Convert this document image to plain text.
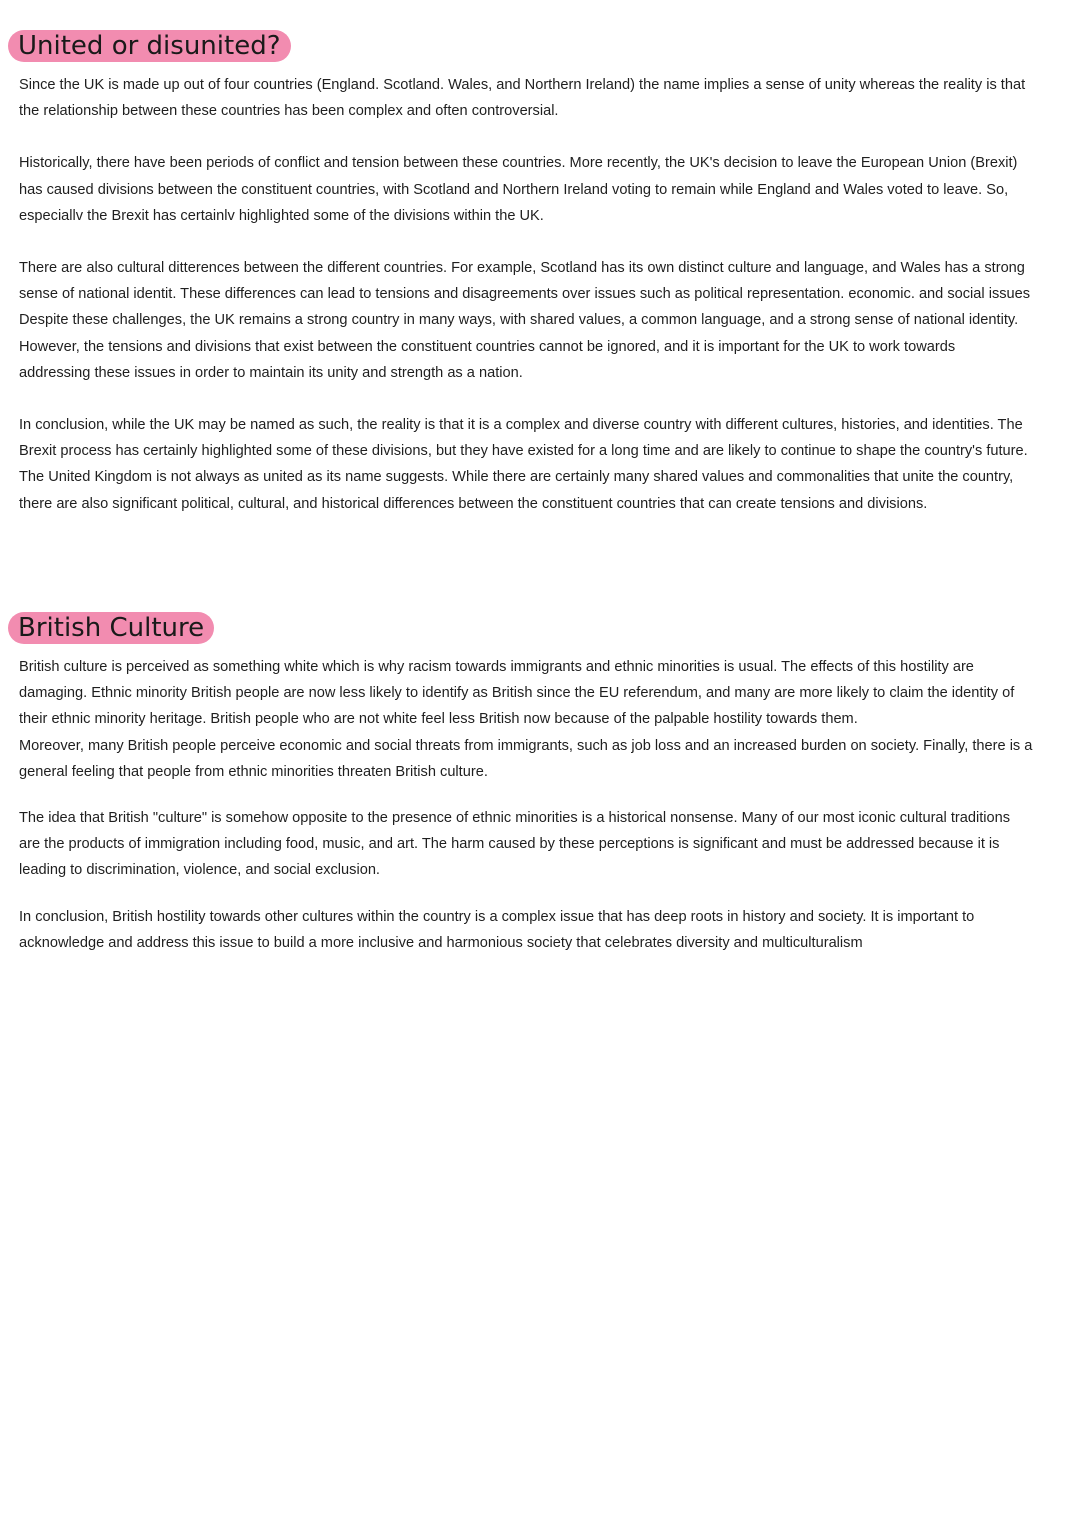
United or disunited?

Since the UK is made up out of four countries (England. Scotland. Wales, and Northern Ireland) the name implies a sense of unity whereas the reality is that
the relationship between these countries has been complex and often controversial.

Historically, there have been periods of conflict and tension between these countries. More recently, the UK's decision to leave the European Union (Brexit)
has caused divisions between the constituent countries, with Scotland and Northern Ireland voting to remain while England and Wales voted to leave. So,
especiallv the Brexit has certainlv highlighted some of the divisions within the UK.

There are also cultural ditterences between the different countries. For example, Scotland has its own distinct culture and language, and Wales has a strong
sense of national identit. These differences can lead to tensions and disagreements over issues such as political representation. economic. and social issues
Despite these challenges, the UK remains a strong country in many ways, with shared values, a common language, and a strong sense of national identity.
However, the tensions and divisions that exist between the constituent countries cannot be ignored, and it is important for the UK to work towards
addressing these issues in order to maintain its unity and strength as a nation.

In conclusion, while the UK may be named as such, the reality is that it is a complex and diverse country with different cultures, histories, and identities. The
Brexit process has certainly highlighted some of these divisions, but they have existed for a long time and are likely to continue to shape the country's future.
The United Kingdom is not always as united as its name suggests. While there are certainly many shared values and commonalities that unite the country,
there are also significant political, cultural, and historical differences between the constituent countries that can create tensions and divisions.

British Culture

British culture is perceived as something white which is why racism towards immigrants and ethnic minorities is usual. The effects of this hostility are
damaging. Ethnic minority British people are now less likely to identify as British since the EU referendum, and many are more likely to claim the identity of
their ethnic minority heritage. British people who are not white feel less British now because of the palpable hostility towards them.
Moreover, many British people perceive economic and social threats from immigrants, such as job loss and an increased burden on society. Finally, there is a
general feeling that people from ethnic minorities threaten British culture.

The idea that British "culture" is somehow opposite to the presence of ethnic minorities is a historical nonsense. Many of our most iconic cultural traditions
are the products of immigration including food, music, and art. The harm caused by these perceptions is significant and must be addressed because it is
leading to discrimination, violence, and social exclusion.

In conclusion, British hostility towards other cultures within the country is a complex issue that has deep roots in history and society. It is important to
acknowledge and address this issue to build a more inclusive and harmonious society that celebrates diversity and multiculturalism
